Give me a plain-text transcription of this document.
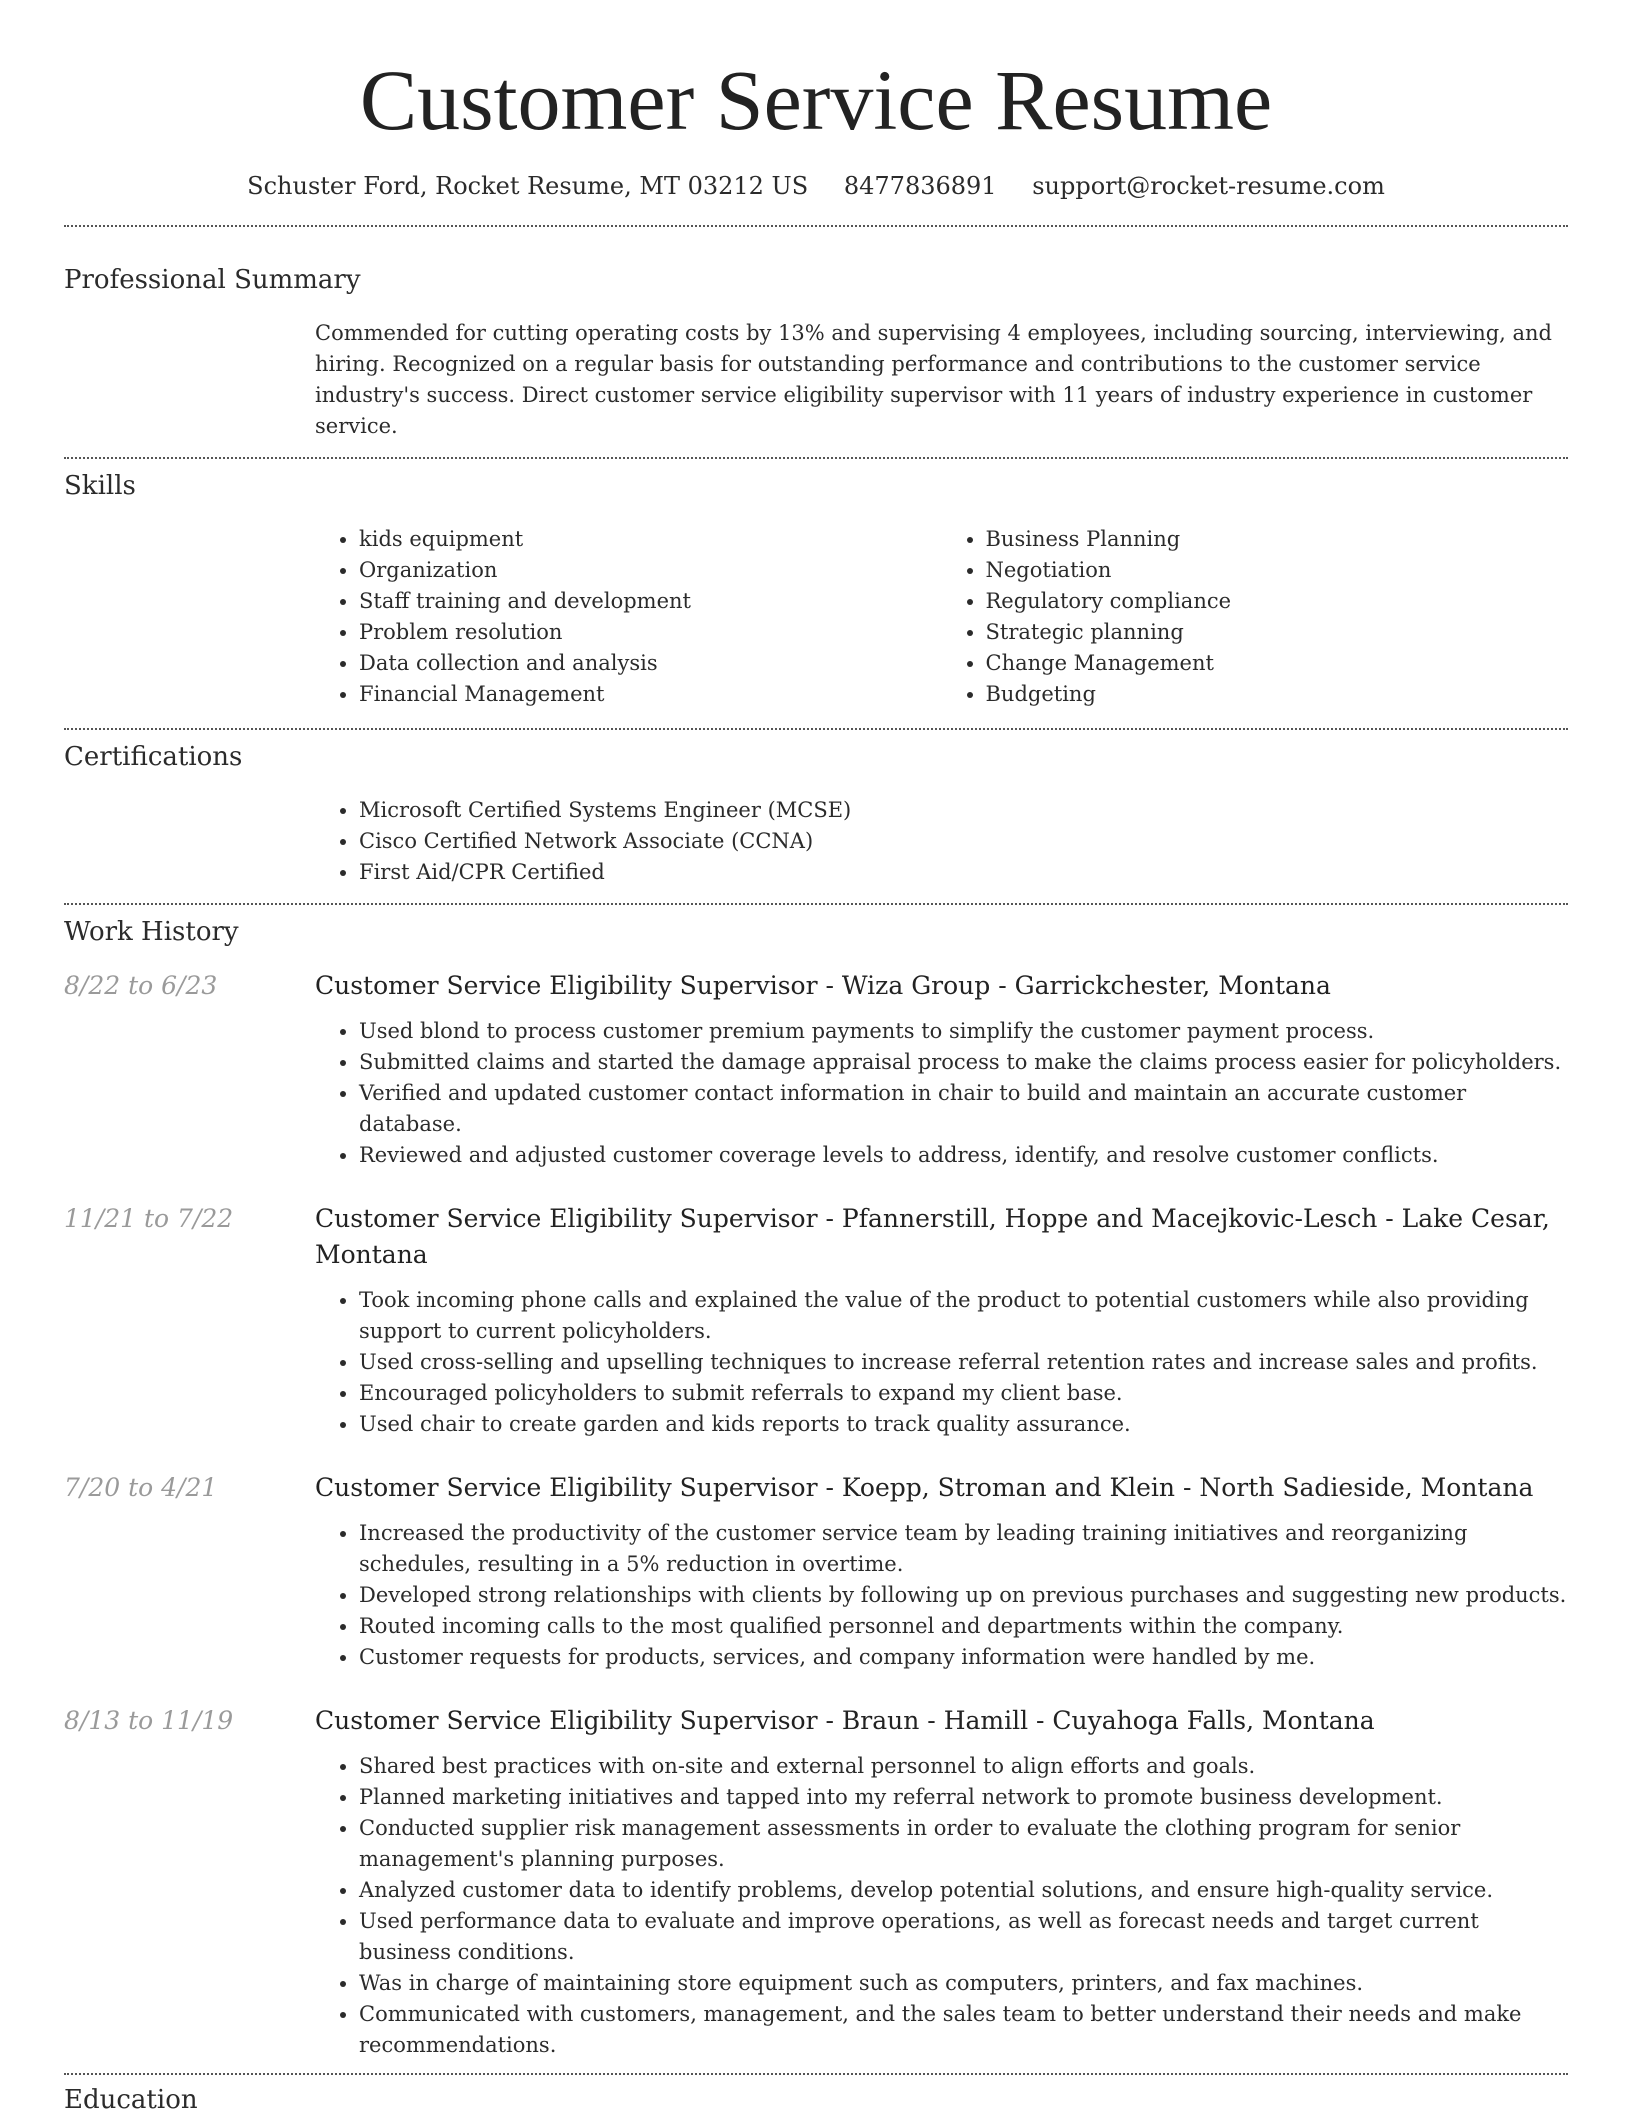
Customer Service Resume
Schuster Ford, Rocket Resume, MT 03212 US 8477836891 support@rocket-resume.com
Professional Summary

Commended for cutting operating costs by 13% and supervising 4 employees, including sourcing, interviewing, and hiring. Recognized on a regular basis for outstanding performance and contributions to the customer service industry's success. Direct customer service eligibility supervisor with 11 years of industry experience in customer service.

Skills
• kids equipment
• Organization
• Staff training and development
• Problem resolution
• Data collection and analysis
• Financial Management
• Business Planning
• Negotiation
• Regulatory compliance
• Strategic planning
• Change Management
• Budgeting
Certifications
• Microsoft Certified Systems Engineer (MCSE)
• Cisco Certified Network Associate (CCNA)
• First Aid/CPR Certified
Work History
8/22 to 6/23	Customer Service Eligibility Supervisor - Wiza Group - Garrickchester, Montana
• Used blond to process customer premium payments to simplify the customer payment process.
• Submitted claims and started the damage appraisal process to make the claims process easier for policyholders.
• Verified and updated customer contact information in chair to build and maintain an accurate customer database.
• Reviewed and adjusted customer coverage levels to address, identify, and resolve customer conflicts.
11/21 to 7/22	Customer Service Eligibility Supervisor - Pfannerstill, Hoppe and Macejkovic-Lesch - Lake Cesar, Montana
• Took incoming phone calls and explained the value of the product to potential customers while also providing support to current policyholders.
• Used cross-selling and upselling techniques to increase referral retention rates and increase sales and profits.
• Encouraged policyholders to submit referrals to expand my client base.
• Used chair to create garden and kids reports to track quality assurance.
7/20 to 4/21	Customer Service Eligibility Supervisor - Koepp, Stroman and Klein - North Sadieside, Montana
• Increased the productivity of the customer service team by leading training initiatives and reorganizing schedules, resulting in a 5% reduction in overtime.
• Developed strong relationships with clients by following up on previous purchases and suggesting new products.
• Routed incoming calls to the most qualified personnel and departments within the company.
• Customer requests for products, services, and company information were handled by me.
8/13 to 11/19	Customer Service Eligibility Supervisor - Braun - Hamill - Cuyahoga Falls, Montana
• Shared best practices with on-site and external personnel to align efforts and goals.
• Planned marketing initiatives and tapped into my referral network to promote business development.
• Conducted supplier risk management assessments in order to evaluate the clothing program for senior management's planning purposes.
• Analyzed customer data to identify problems, develop potential solutions, and ensure high-quality service.
• Used performance data to evaluate and improve operations, as well as forecast needs and target current business conditions.
• Was in charge of maintaining store equipment such as computers, printers, and fax machines.
• Communicated with customers, management, and the sales team to better understand their needs and make recommendations.
Education
